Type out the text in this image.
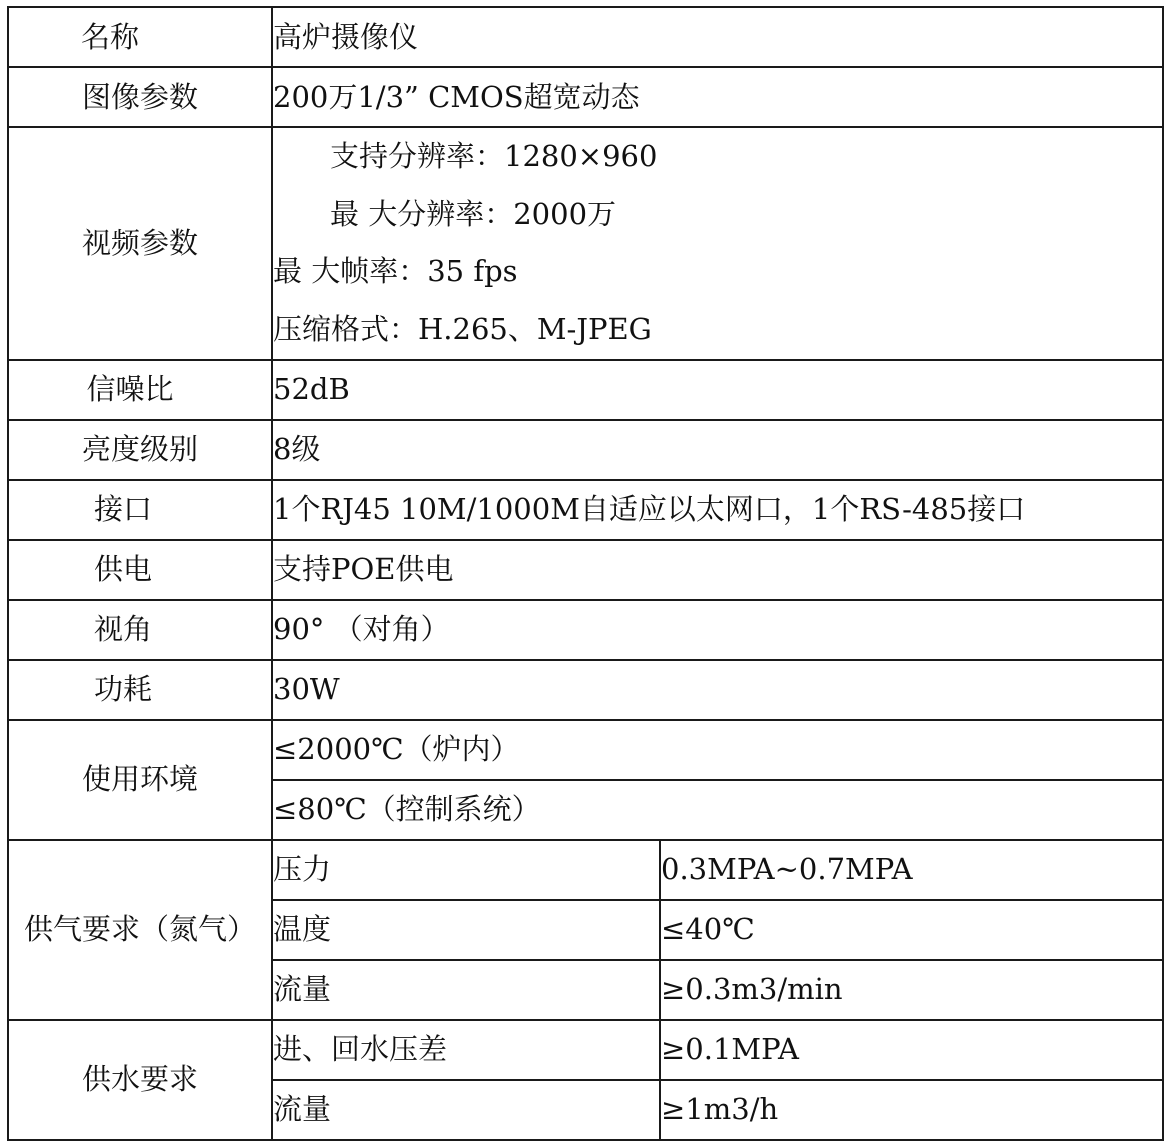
名称	高炉摄像仪	
图像参数	200万1/3” CMOS超宽动态	
视频参数	支持分辨率：1280×960
最 大分辨率：2000万
最 大帧率：35 fps
压缩格式：H.265、M-JPEG	

信噪比	52dB	
亮度级别	8级	
接口	1个RJ45 10M/1000M自适应以太网口，1个RS-485接口	
供电	支持POE供电	
视角	90° （对角）	
功耗	30W	
使用环境	≤2000℃（炉内）	
	≤80℃（控制系统）	
供气要求（氮气）	压力	0.3MPA~0.7MPA
	温度	≤40℃
	流量	≥0.3m3/min
供水要求	进、回水压差	≥0.1MPA
	流量	≥1m3/h
